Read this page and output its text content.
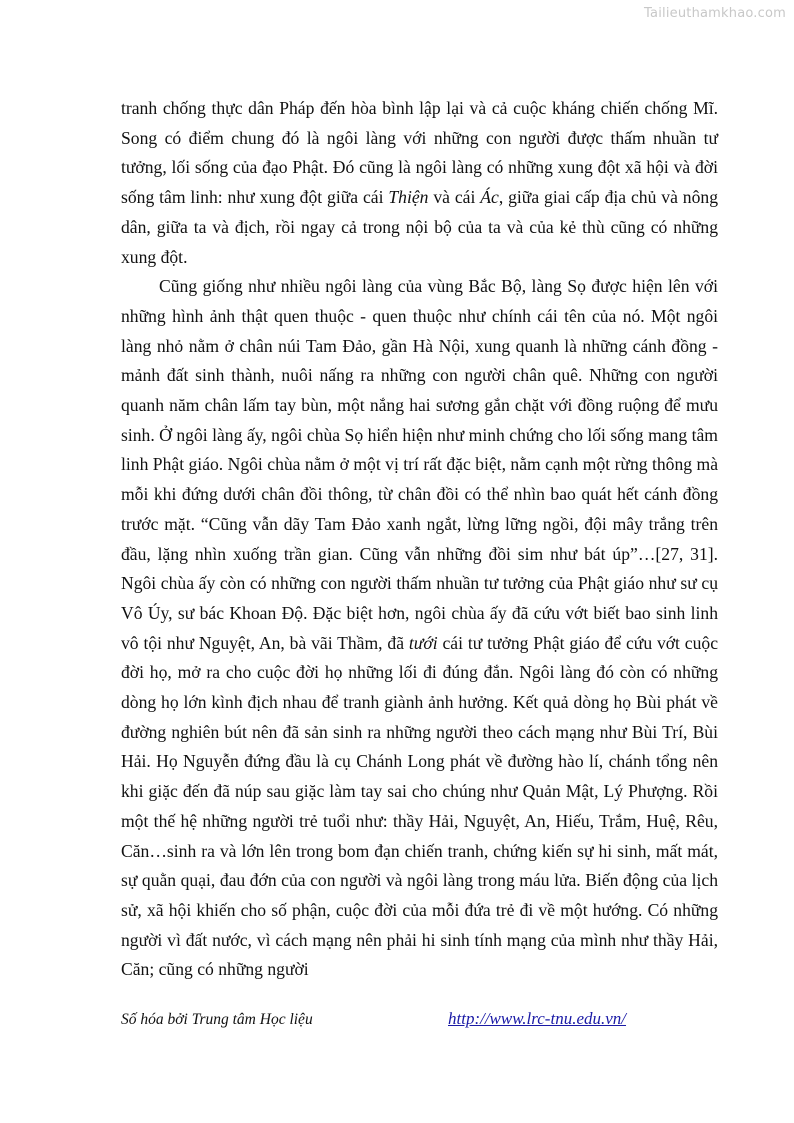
Tailieuthamkhao.com

tranh chống thực dân Pháp đến hòa bình lập lại và cả cuộc kháng chiến chống Mĩ. Song có điểm chung đó là ngôi làng với những con người được thấm nhuần tư tưởng, lối sống của đạo Phật. Đó cũng là ngôi làng có những xung đột xã hội và đời sống tâm linh: như xung đột giữa cái Thiện và cái Ác, giữa giai cấp địa chủ và nông dân, giữa ta và địch, rồi ngay cả trong nội bộ của ta và của kẻ thù cũng có những xung đột.

Cũng giống như nhiều ngôi làng của vùng Bắc Bộ, làng Sọ được hiện lên với những hình ảnh thật quen thuộc - quen thuộc như chính cái tên của nó. Một ngôi làng nhỏ nằm ở chân núi Tam Đảo, gần Hà Nội, xung quanh là những cánh đồng - mảnh đất sinh thành, nuôi nấng ra những con người chân quê. Những con người quanh năm chân lấm tay bùn, một nắng hai sương gắn chặt với đồng ruộng để mưu sinh. Ở ngôi làng ấy, ngôi chùa Sọ hiển hiện như minh chứng cho lối sống mang tâm linh Phật giáo. Ngôi chùa nằm ở một vị trí rất đặc biệt, nằm cạnh một rừng thông mà mỗi khi đứng dưới chân đồi thông, từ chân đồi có thể nhìn bao quát hết cánh đồng trước mặt. “Cũng vẫn dãy Tam Đảo xanh ngắt, lừng lững ngồi, đội mây trắng trên đầu, lặng nhìn xuống trần gian. Cũng vẫn những đồi sim như bát úp”…[27, 31]. Ngôi chùa ấy còn có những con người thấm nhuần tư tưởng của Phật giáo như sư cụ Vô Úy, sư bác Khoan Độ. Đặc biệt hơn, ngôi chùa ấy đã cứu vớt biết bao sinh linh vô tội như Nguyệt, An, bà vãi Thầm, đã tưới cái tư tưởng Phật giáo để cứu vớt cuộc đời họ, mở ra cho cuộc đời họ những lối đi đúng đắn. Ngôi làng đó còn có những dòng họ lớn kình địch nhau để tranh giành ảnh hưởng. Kết quả dòng họ Bùi phát về đường nghiên bút nên đã sản sinh ra những người theo cách mạng như Bùi Trí, Bùi Hải. Họ Nguyễn đứng đầu là cụ Chánh Long phát về đường hào lí, chánh tổng nên khi giặc đến đã núp sau giặc làm tay sai cho chúng như Quản Mật, Lý Phượng. Rồi một thế hệ những người trẻ tuổi như: thầy Hải, Nguyệt, An, Hiếu, Trắm, Huệ, Rêu, Căn…sinh ra và lớn lên trong bom đạn chiến tranh, chứng kiến sự hi sinh, mất mát, sự quằn quại, đau đớn của con người và ngôi làng trong máu lửa. Biến động của lịch sử, xã hội khiến cho số phận, cuộc đời của mỗi đứa trẻ đi về một hướng. Có những người vì đất nước, vì cách mạng nên phải hi sinh tính mạng của mình như thầy Hải, Căn; cũng có những người

Số hóa bởi Trung tâm Học liệu	http://www.lrc-tnu.edu.vn/
